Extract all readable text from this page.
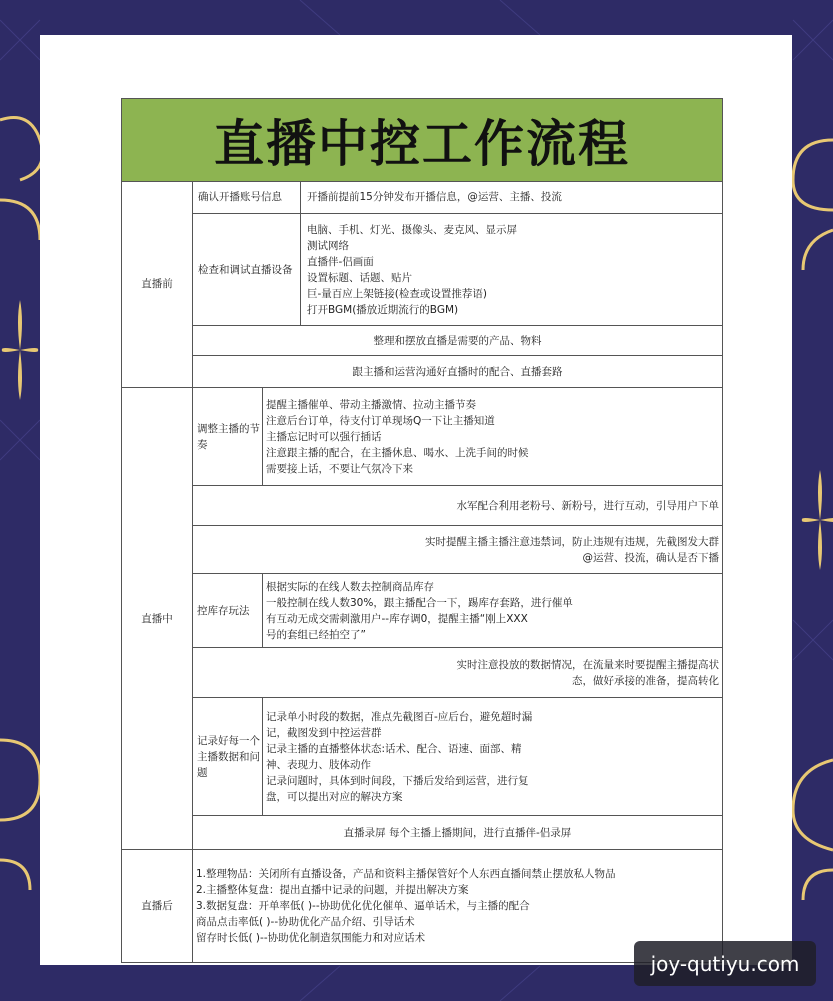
直播中控工作流程
直播前
确认开播账号信息	开播前提前15分钟发布开播信息，@运营、主播、投流
检查和调试直播设备
电脑、手机、灯光、摄像头、麦克风、显示屏
测试网络
直播伴-侣画面
设置标题、话题、贴片
巨-量百应上架链接(检查或设置推荐语)
打开BGM(播放近期流行的BGM)
整理和摆放直播是需要的产品、物料
跟主播和运营沟通好直播时的配合、直播套路
直播中
调整主播的节奏
提醒主播催单、带动主播激情、拉动主播节奏
注意后台订单，待支付订单现场Q一下让主播知道
主播忘记时可以强行插话
注意跟主播的配合，在主播休息、喝水、上洗手间的时候
需要接上话，不要让气氛冷下来
水军配合利用老粉号、新粉号，进行互动，引导用户下单
实时提醒主播主播注意违禁词，防止违规有违规，先截图发大群
@运营、投流，确认是否下播
控库存玩法
根据实际的在线人数去控制商品库存
一般控制在线人数30%，跟主播配合一下，踢库存套路，进行催单
有互动无成交需刺激用户--库存调0，提醒主播“刚上XXX
号的套组已经拍空了”
实时注意投放的数据情况，在流量来时要提醒主播提高状
态，做好承接的准备，提高转化
记录好每一个主播数据和问题
记录单小时段的数据，准点先截图百-应后台，避免超时漏
记，截图发到中控运营群
记录主播的直播整体状态:话术、配合、语速、面部、精
神、表现力、肢体动作
记录问题时，具体到时间段，下播后发给到运营，进行复
盘，可以提出对应的解决方案
直播录屏 每个主播上播期间，进行直播伴-侣录屏
直播后
1.整理物品：关闭所有直播设备，产品和资料主播保管好个人东西直播间禁止摆放私人物品
2.主播整体复盘：提出直播中记录的问题，并提出解决方案
3.数据复盘：开单率低( )--协助优化优化催单、逼单话术，与主播的配合
商品点击率低( )--协助优化产品介绍、引导话术
留存时长低( )--协助优化制造氛围能力和对应话术
joy-qutiyu.com
